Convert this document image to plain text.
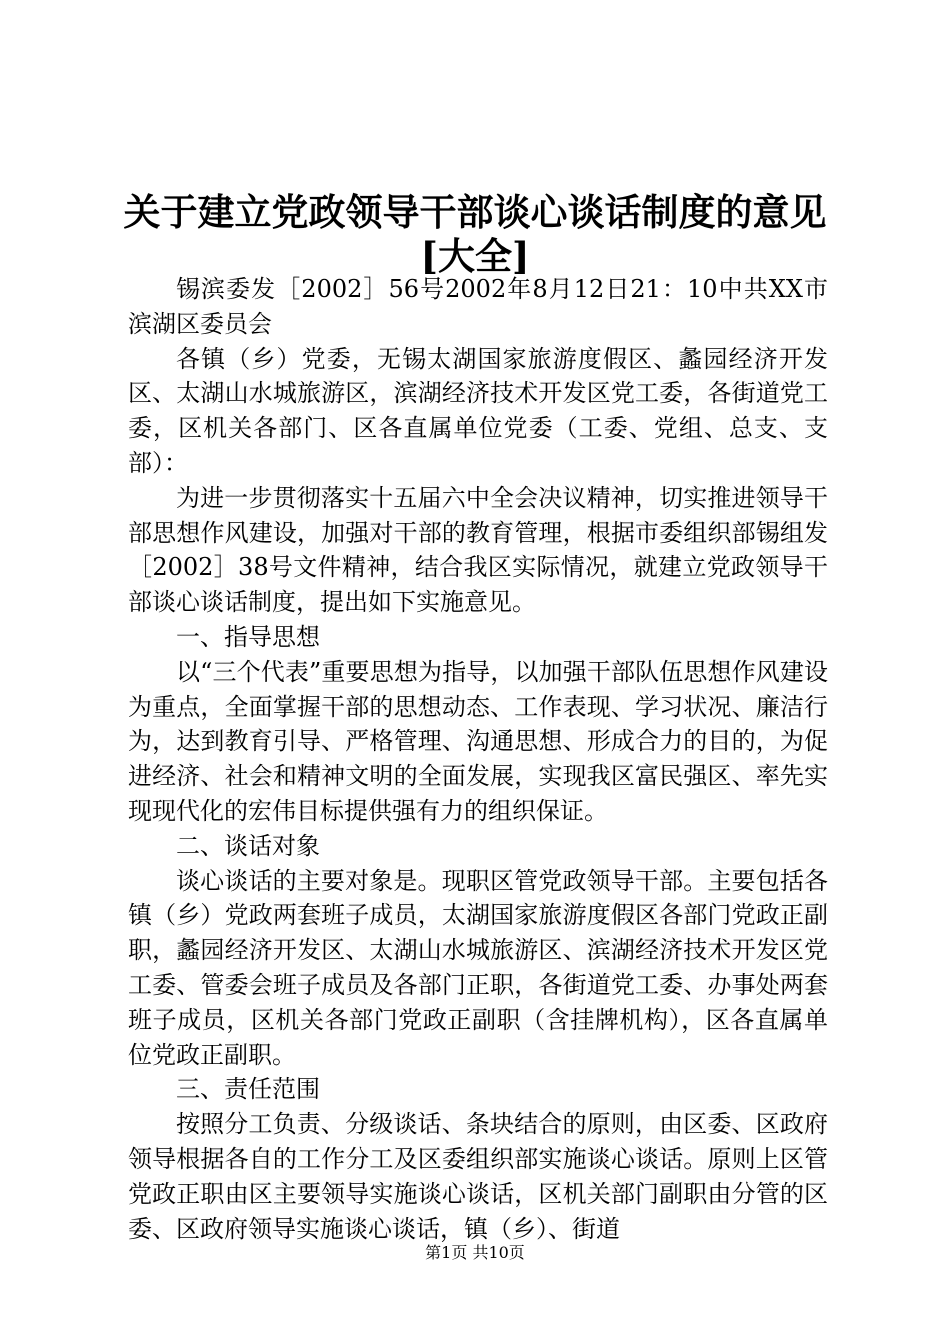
关于建立党政领导干部谈心谈话制度的意见
[大全]

锡滨委发［2002］56号2002年8月12日21：10中共XX市滨湖区委员会

各镇（乡）党委，无锡太湖国家旅游度假区、蠡园经济开发区、太湖山水城旅游区，滨湖经济技术开发区党工委，各街道党工委，区机关各部门、区各直属单位党委（工委、党组、总支、支部）：

为进一步贯彻落实十五届六中全会决议精神，切实推进领导干部思想作风建设，加强对干部的教育管理，根据市委组织部锡组发［2002］38号文件精神，结合我区实际情况，就建立党政领导干部谈心谈话制度，提出如下实施意见。

一、指导思想

以“三个代表”重要思想为指导，以加强干部队伍思想作风建设为重点，全面掌握干部的思想动态、工作表现、学习状况、廉洁行为，达到教育引导、严格管理、沟通思想、形成合力的目的，为促进经济、社会和精神文明的全面发展，实现我区富民强区、率先实现现代化的宏伟目标提供强有力的组织保证。

二、谈话对象

谈心谈话的主要对象是。现职区管党政领导干部。主要包括各镇（乡）党政两套班子成员，太湖国家旅游度假区各部门党政正副职，蠡园经济开发区、太湖山水城旅游区、滨湖经济技术开发区党工委、管委会班子成员及各部门正职，各街道党工委、办事处两套班子成员，区机关各部门党政正副职（含挂牌机构），区各直属单位党政正副职。

三、责任范围

按照分工负责、分级谈话、条块结合的原则，由区委、区政府领导根据各自的工作分工及区委组织部实施谈心谈话。原则上区管党政正职由区主要领导实施谈心谈话，区机关部门副职由分管的区委、区政府领导实施谈心谈话，镇（乡）、街道

第1页 共10页
